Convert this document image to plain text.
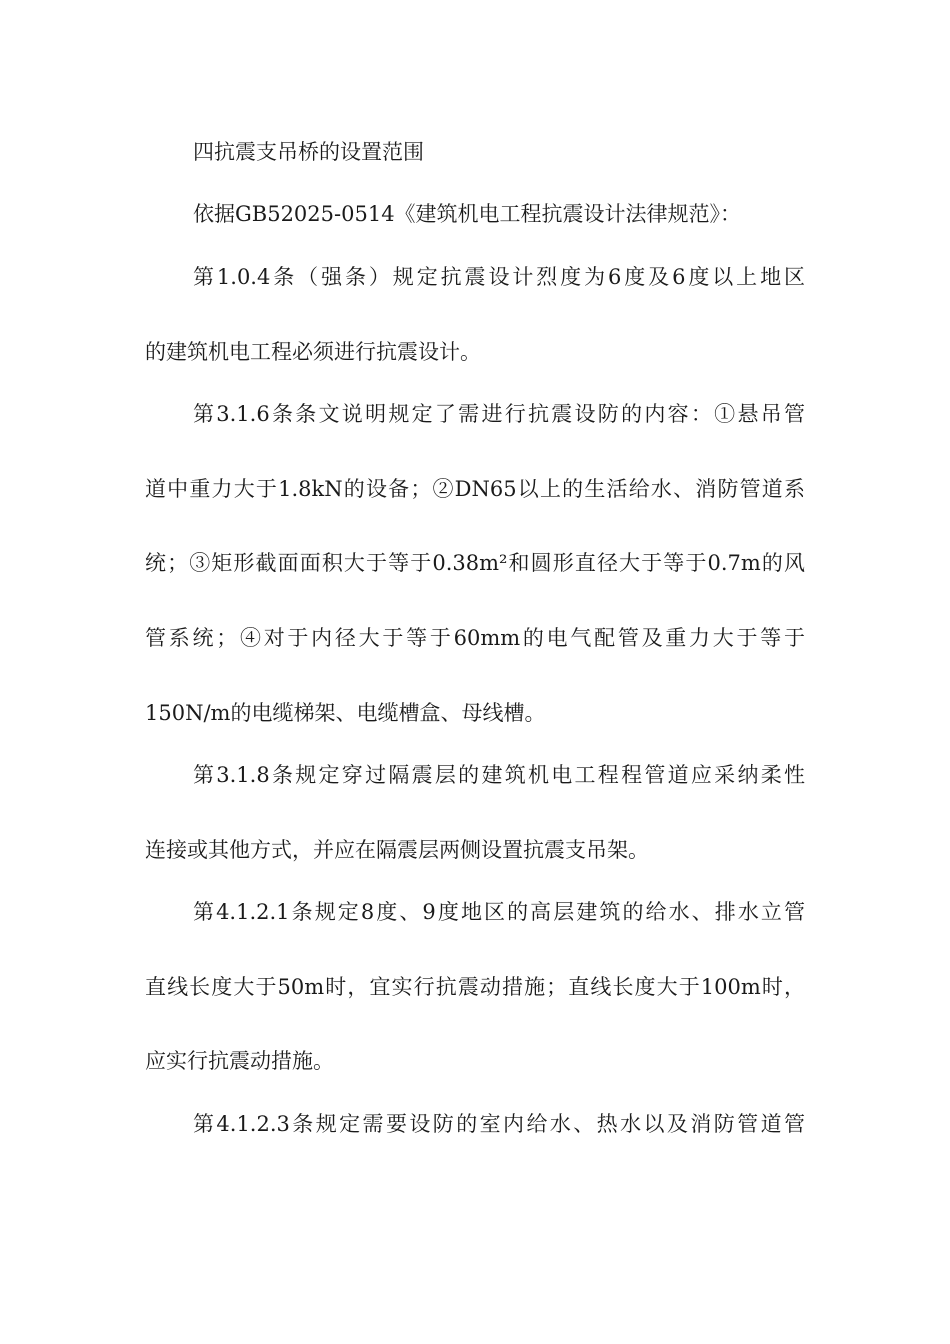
四抗震支吊桥的设置范围
依据GB52025-0514《建筑机电工程抗震设计法律规范》：
第1.0.4条（强条）规定抗震设计烈度为6度及6度以上地区
的建筑机电工程必须进行抗震设计。
第3.1.6条条文说明规定了需进行抗震设防的内容：①悬吊管
道中重力大于1.8kN的设备；②DN65以上的生活给水、消防管道系
统；③矩形截面面积大于等于0.38m²和圆形直径大于等于0.7m的风
管系统；④对于内径大于等于60mm的电气配管及重力大于等于
150N/m的电缆梯架、电缆槽盒、母线槽。
第3.1.8条规定穿过隔震层的建筑机电工程程管道应采纳柔性
连接或其他方式，并应在隔震层两侧设置抗震支吊架。
第4.1.2.1条规定8度、9度地区的高层建筑的给水、排水立管
直线长度大于50m时，宜实行抗震动措施；直线长度大于100m时，
应实行抗震动措施。
第4.1.2.3条规定需要设防的室内给水、热水以及消防管道管
